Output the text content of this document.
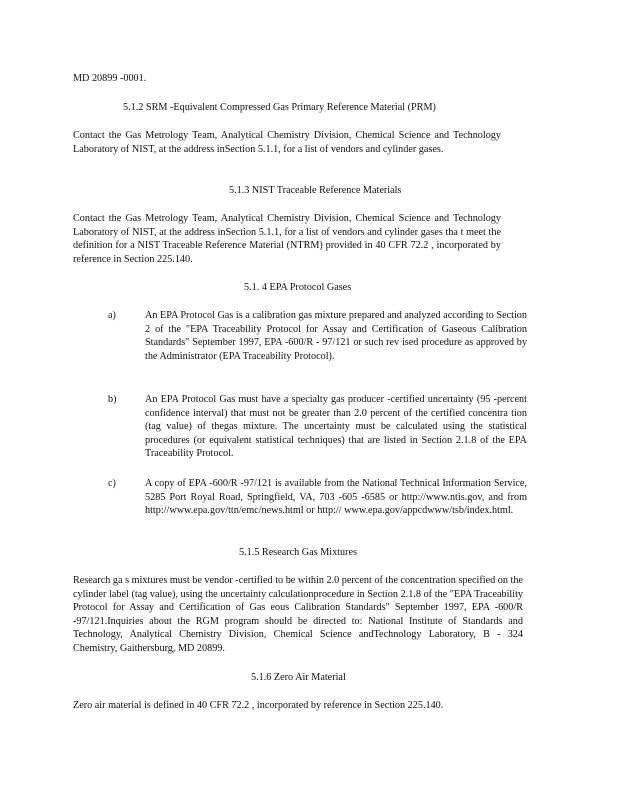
MD 20899 -0001.
5.1.2 SRM -Equivalent Compressed Gas Primary Reference Material (PRM)
Contact the Gas Metrology Team, Analytical Chemistry Division, Chemical Science and Technology Laboratory of NIST, at the address inSection 5.1.1, for a list of vendors and cylinder gases.
5.1.3 NIST Traceable Reference Materials
Contact the Gas Metrology Team, Analytical Chemistry Division, Chemical Science and Technology Laboratory of NIST, at the address inSection 5.1.1, for a list of vendors and cylinder gases tha t meet the definition for a NIST Traceable Reference Material (NTRM) provided in 40 CFR 72.2 , incorporated by reference in Section 225.140.
5.1. 4 EPA Protocol Gases
a)	An EPA Protocol Gas is a calibration gas mixture prepared and analyzed according to Section 2 of the "EPA Traceability Protocol for Assay and Certification of Gaseous Calibration Standards" September 1997, EPA -600/R - 97/121 or such rev ised procedure as approved by the Administrator (EPA Traceability Protocol).
b)	An EPA Protocol Gas must have a specialty gas producer -certified uncertainty (95 -percent confidence interval) that must not be greater than 2.0 percent of the certified concentra tion (tag value) of thegas mixture. The uncertainty must be calculated using the statistical procedures (or equivalent statistical techniques) that are listed in Section 2.1.8 of the EPA Traceability Protocol.
c)	A copy of EPA -600/R -97/121 is available from the National Technical Information Service, 5285 Port Royal Road, Springfield, VA, 703 -605 -6585 or http://www.ntis.gov, and from http://www.epa.gov/ttn/emc/news.html or http:// www.epa.gov/appcdwww/tsb/index.html.
5.1.5 Research Gas Mixtures
Research ga s mixtures must be vendor -certified to be within 2.0 percent of the concentration specified on the cylinder label (tag value), using the uncertainty calculationprocedure in Section 2.1.8 of the "EPA Traceability Protocol for Assay and Certification of Gas eous Calibration Standards" September 1997, EPA -600/R -97/121.Inquiries about the RGM program should be directed to: National Institute of Standards and Technology, Analytical Chemistry Division, Chemical Science andTechnology Laboratory, B - 324 Chemistry, Gaithersburg, MD 20899.
5.1.6 Zero Air Material
Zero air material is defined in 40 CFR 72.2 , incorporated by reference in Section 225.140.
